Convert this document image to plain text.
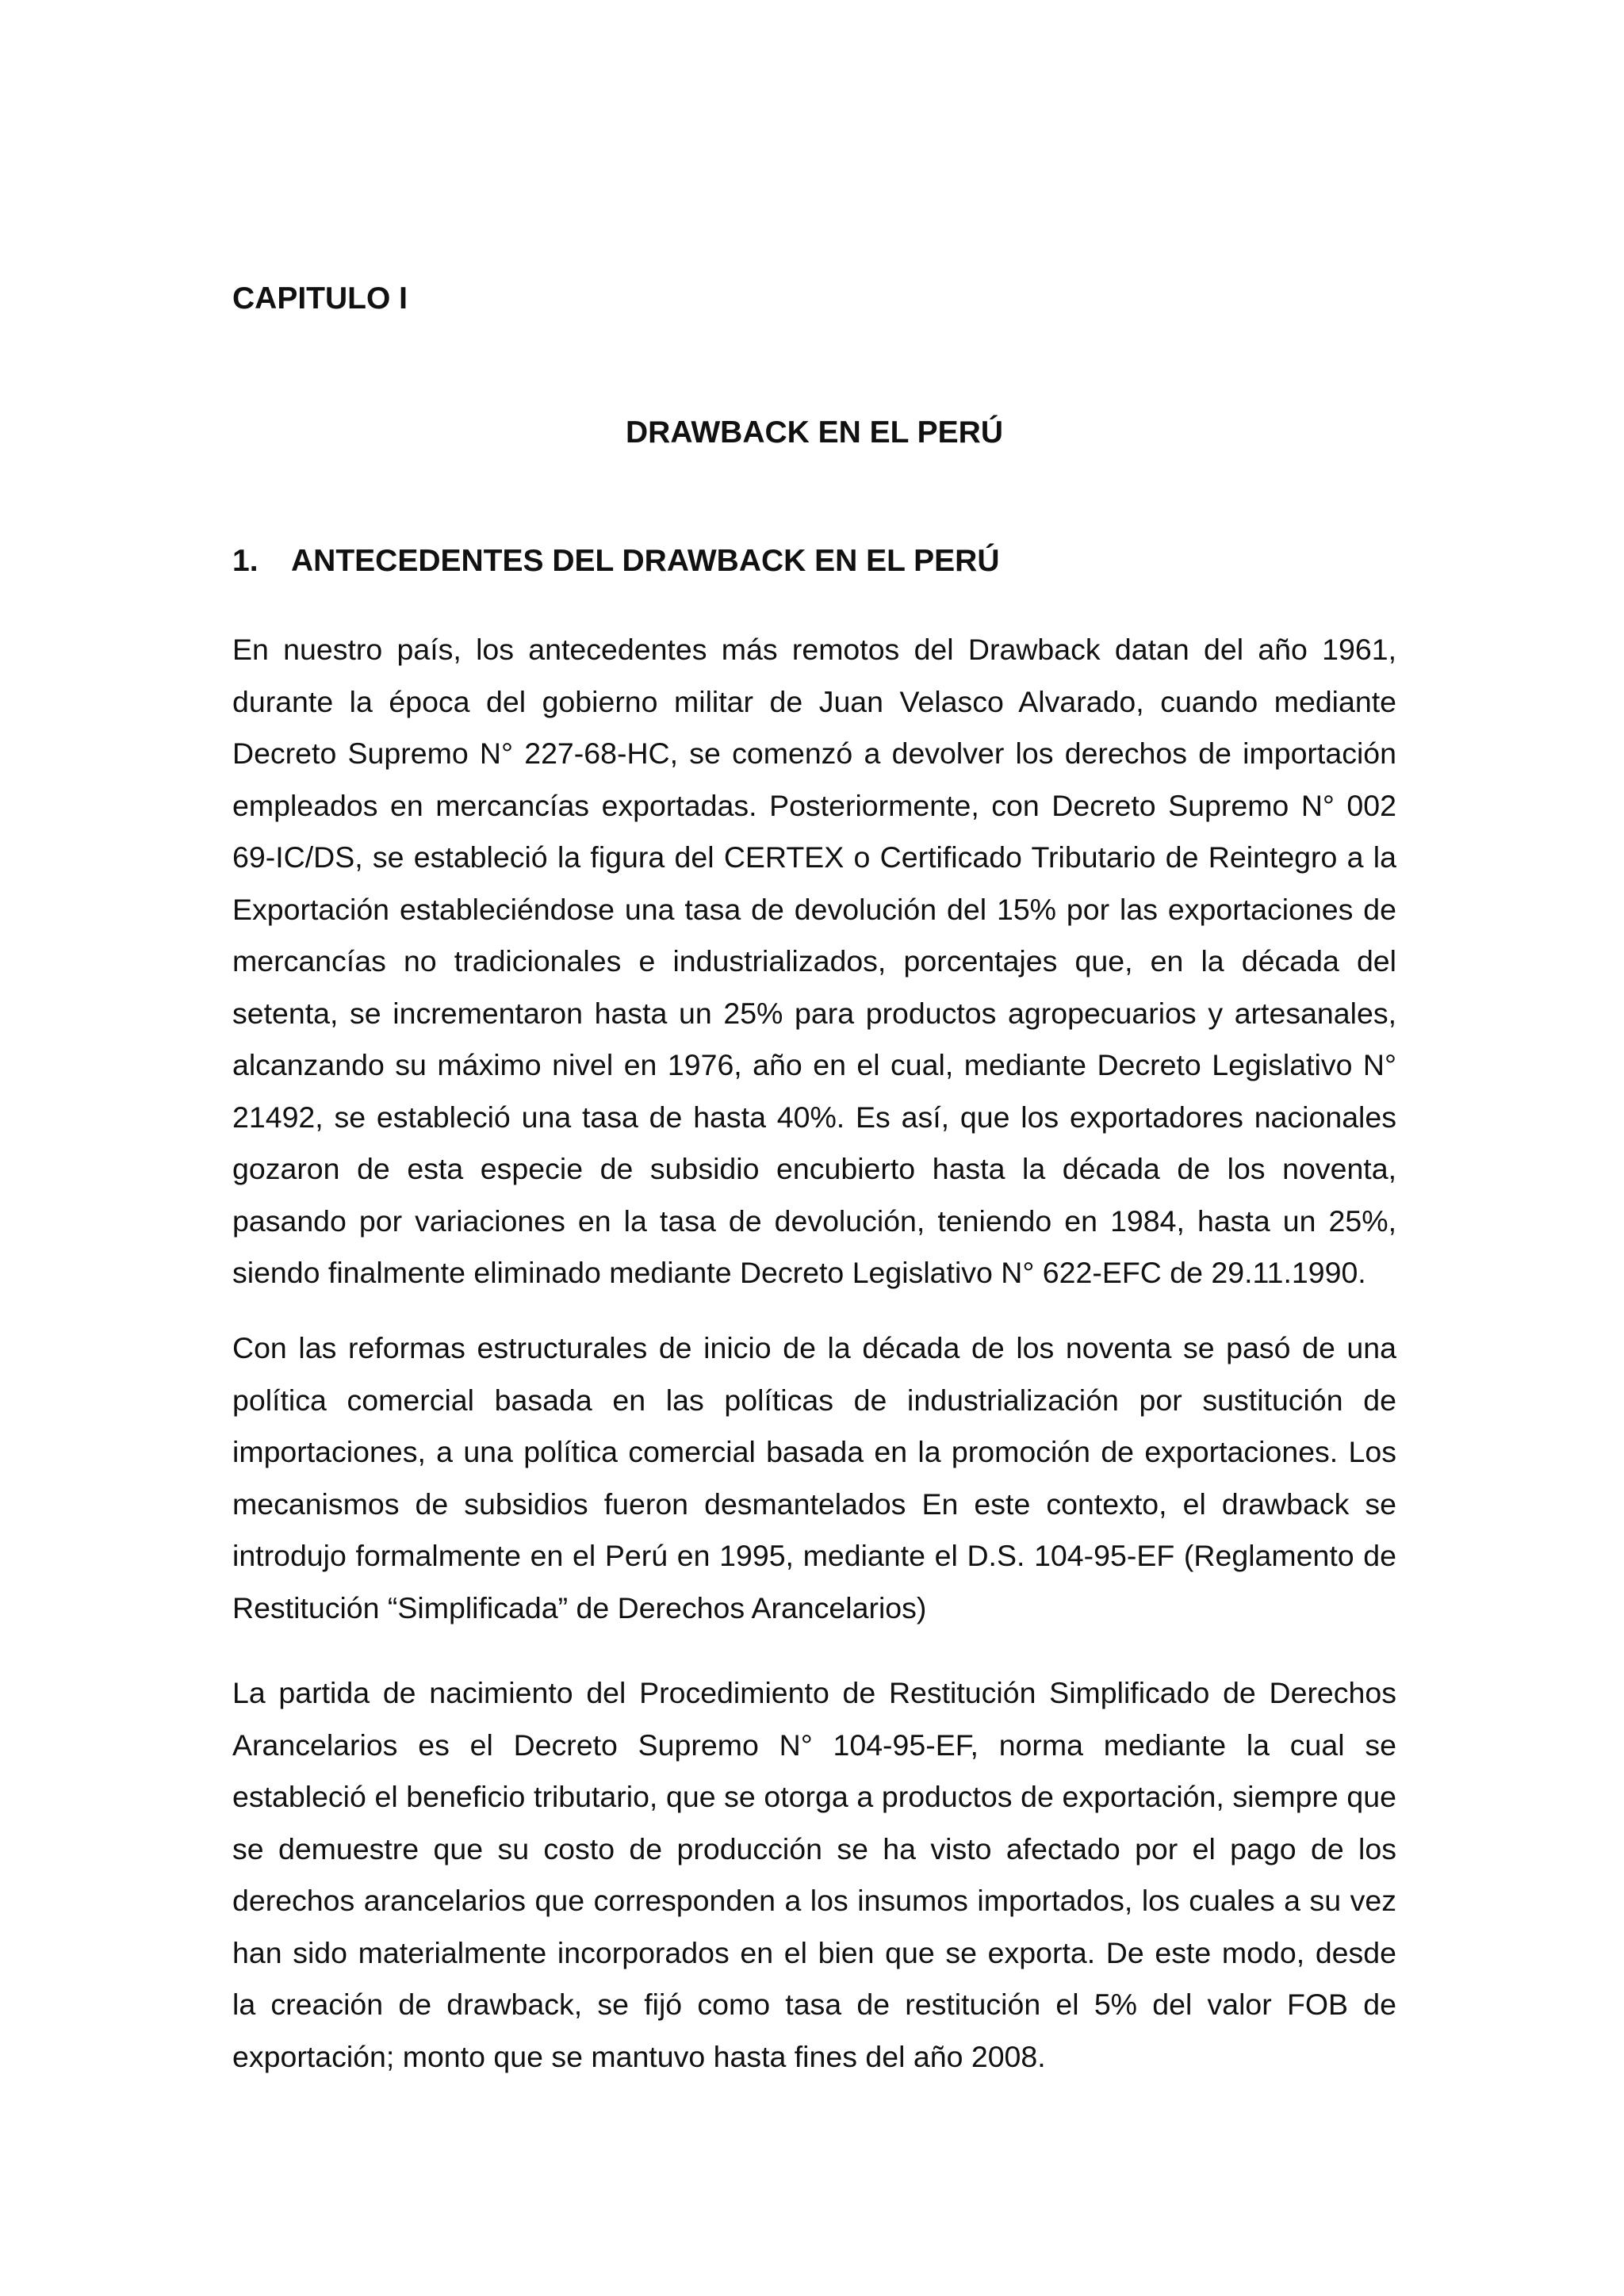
CAPITULO I
DRAWBACK EN EL PERÚ
1. ANTECEDENTES DEL DRAWBACK EN EL PERÚ
En nuestro país, los antecedentes más remotos del Drawback datan del año 1961,
durante la época del gobierno militar de Juan Velasco Alvarado, cuando mediante
Decreto Supremo N° 227-68-HC, se comenzó a devolver los derechos de importación
empleados en mercancías exportadas. Posteriormente, con Decreto Supremo N° 002
69-IC/DS, se estableció la figura del CERTEX o Certificado Tributario de Reintegro a la
Exportación estableciéndose una tasa de devolución del 15% por las exportaciones de
mercancías no tradicionales e industrializados, porcentajes que, en la década del
setenta, se incrementaron hasta un 25% para productos agropecuarios y artesanales,
alcanzando su máximo nivel en 1976, año en el cual, mediante Decreto Legislativo N°
21492, se estableció una tasa de hasta 40%. Es así, que los exportadores nacionales
gozaron de esta especie de subsidio encubierto hasta la década de los noventa,
pasando por variaciones en la tasa de devolución, teniendo en 1984, hasta un 25%,
siendo finalmente eliminado mediante Decreto Legislativo N° 622-EFC de 29.11.1990.
Con las reformas estructurales de inicio de la década de los noventa se pasó de una
política comercial basada en las políticas de industrialización por sustitución de
importaciones, a una política comercial basada en la promoción de exportaciones. Los
mecanismos de subsidios fueron desmantelados En este contexto, el drawback se
introdujo formalmente en el Perú en 1995, mediante el D.S. 104-95-EF (Reglamento de
Restitución “Simplificada” de Derechos Arancelarios)
La partida de nacimiento del Procedimiento de Restitución Simplificado de Derechos
Arancelarios es el Decreto Supremo N° 104-95-EF, norma mediante la cual se
estableció el beneficio tributario, que se otorga a productos de exportación, siempre que
se demuestre que su costo de producción se ha visto afectado por el pago de los
derechos arancelarios que corresponden a los insumos importados, los cuales a su vez
han sido materialmente incorporados en el bien que se exporta. De este modo, desde
la creación de drawback, se fijó como tasa de restitución el 5% del valor FOB de
exportación; monto que se mantuvo hasta fines del año 2008.
